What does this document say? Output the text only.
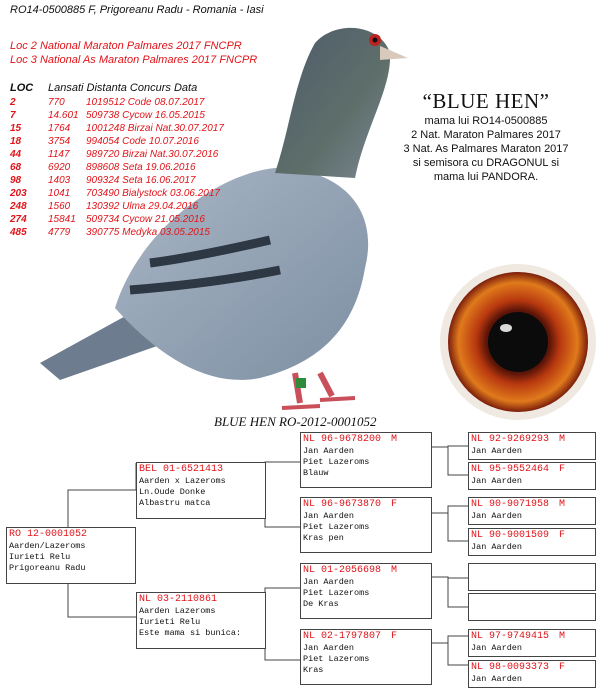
RO14-0500885 F, Prigoreanu Radu - Romania - Iasi
Loc 2 National Maraton Palmares 2017 FNCPR
Loc 3 National As Maraton Palmares 2017 FNCPR
LOC Lansati Distanta Concurs Data
2	770 1019512 Code 08.07.2017
7	14.601 509738 Cycow 16.05.2015
15	1764 1001248 Birzai Nat.30.07.2017
18	3754 994054 Code 10.07.2016
44	1147 989720 Birzai Nat.30.07.2016
68	6920 898608 Seta 19.06.2016
98	1403 909324 Seta 16.06.2017
203 1041 703490 Bialystock 03.06.2017
248 1560 130392 Ulma 29.04.2016
274 15841 509734 Cycow 21.05.2016
485 4779 390775 Medyka 03.05.2015
“BLUE HEN”
mama lui RO14-0500885
2 Nat. Maraton Palmares 2017
3 Nat. As Palmares Maraton 2017
si semisora cu DRAGONUL si
mama lui PANDORA.
BLUE HEN RO-2012-0001052
RO 12-0001052
Aarden/Lazeroms
Iurieti Relu
Prigoreanu Radu
BEL 01-6521413
Aarden x Lazeroms
Ln.Oude Donke
Albastru matca
NL 03-2110861
Aarden Lazeroms
Iurieti Relu
Este mama si bunica:
NL 96-9678200 M
Jan Aarden
Piet Lazeroms
Blauw
NL 96-9673870 F
Jan Aarden
Piet Lazeroms
Kras pen
NL 01-2056698 M
Jan Aarden
Piet Lazeroms
De Kras
NL 02-1797807 F
Jan Aarden
Piet Lazeroms
Kras
NL 92-9269293 M
Jan Aarden
NL 95-9552464 F
Jan Aarden
NL 90-9071958 M
Jan Aarden
NL 90-9001509 F
Jan Aarden
NL 97-9749415 M
Jan Aarden
NL 98-0093373 F
Jan Aarden
